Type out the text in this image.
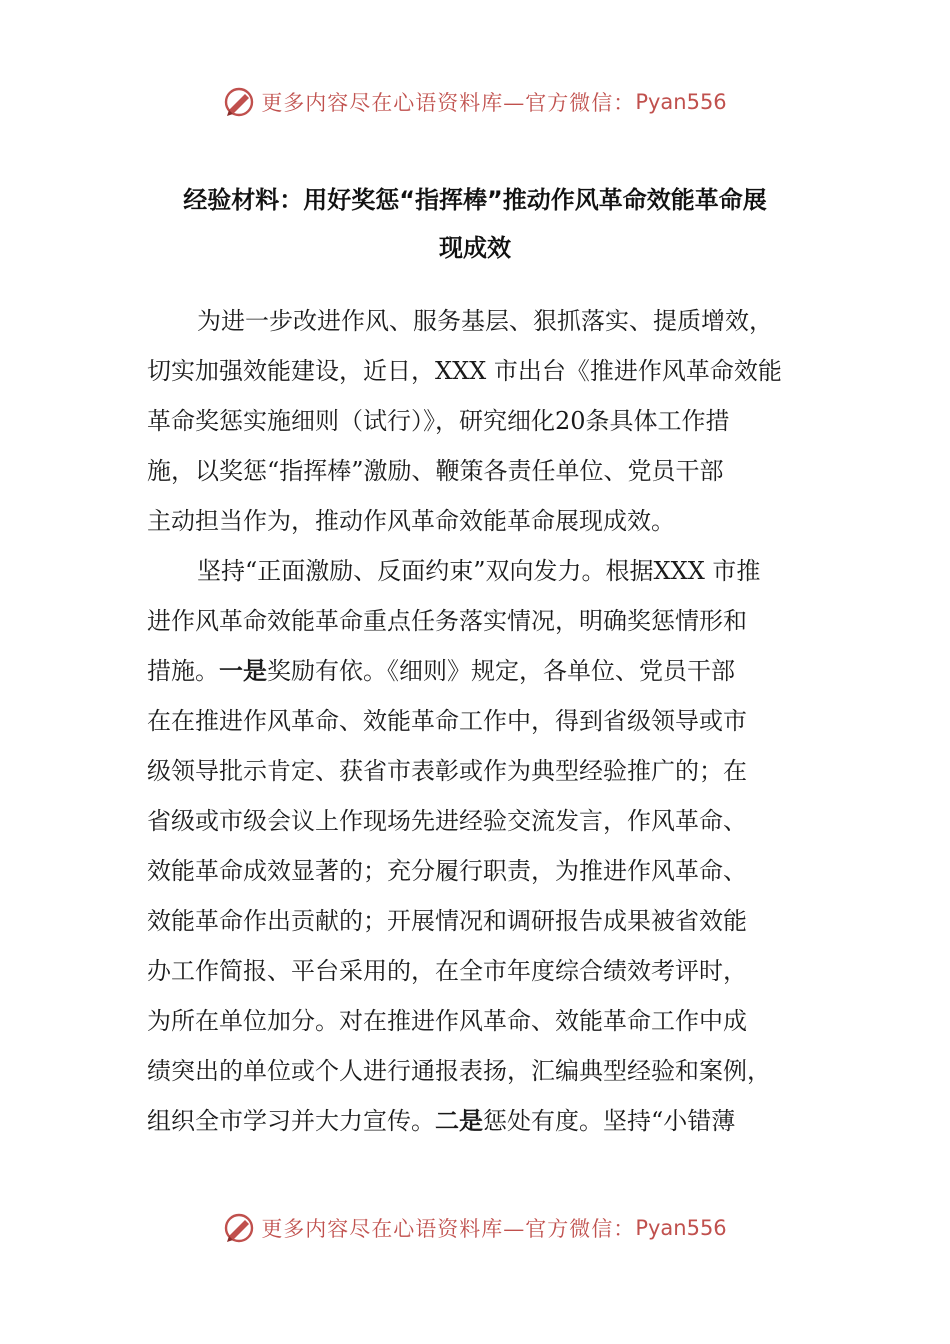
更多内容尽在心语资料库—官方微信： Pyan556
经验材料：用好奖惩“指挥棒”推动作风革命效能革命展
现成效
为进一步改进作风、服务基层、狠抓落实、提质增效，
切实加强效能建设，近日，XXX 市出台《推进作风革命效能
革命奖惩实施细则（试行）》，研究细化20条具体工作措
施，以奖惩“指挥棒”激励、鞭策各责任单位、党员干部
主动担当作为，推动作风革命效能革命展现成效。
坚持“正面激励、反面约束”双向发力。根据XXX 市推
进作风革命效能革命重点任务落实情况，明确奖惩情形和
措施。一是奖励有依。《细则》规定，各单位、党员干部
在在推进作风革命、效能革命工作中，得到省级领导或市
级领导批示肯定、获省市表彰或作为典型经验推广的；在
省级或市级会议上作现场先进经验交流发言，作风革命、
效能革命成效显著的；充分履行职责，为推进作风革命、
效能革命作出贡献的；开展情况和调研报告成果被省效能
办工作简报、平台采用的，在全市年度综合绩效考评时，
为所在单位加分。对在推进作风革命、效能革命工作中成
绩突出的单位或个人进行通报表扬，汇编典型经验和案例，
组织全市学习并大力宣传。二是惩处有度。坚持“小错薄
更多内容尽在心语资料库—官方微信： Pyan556
